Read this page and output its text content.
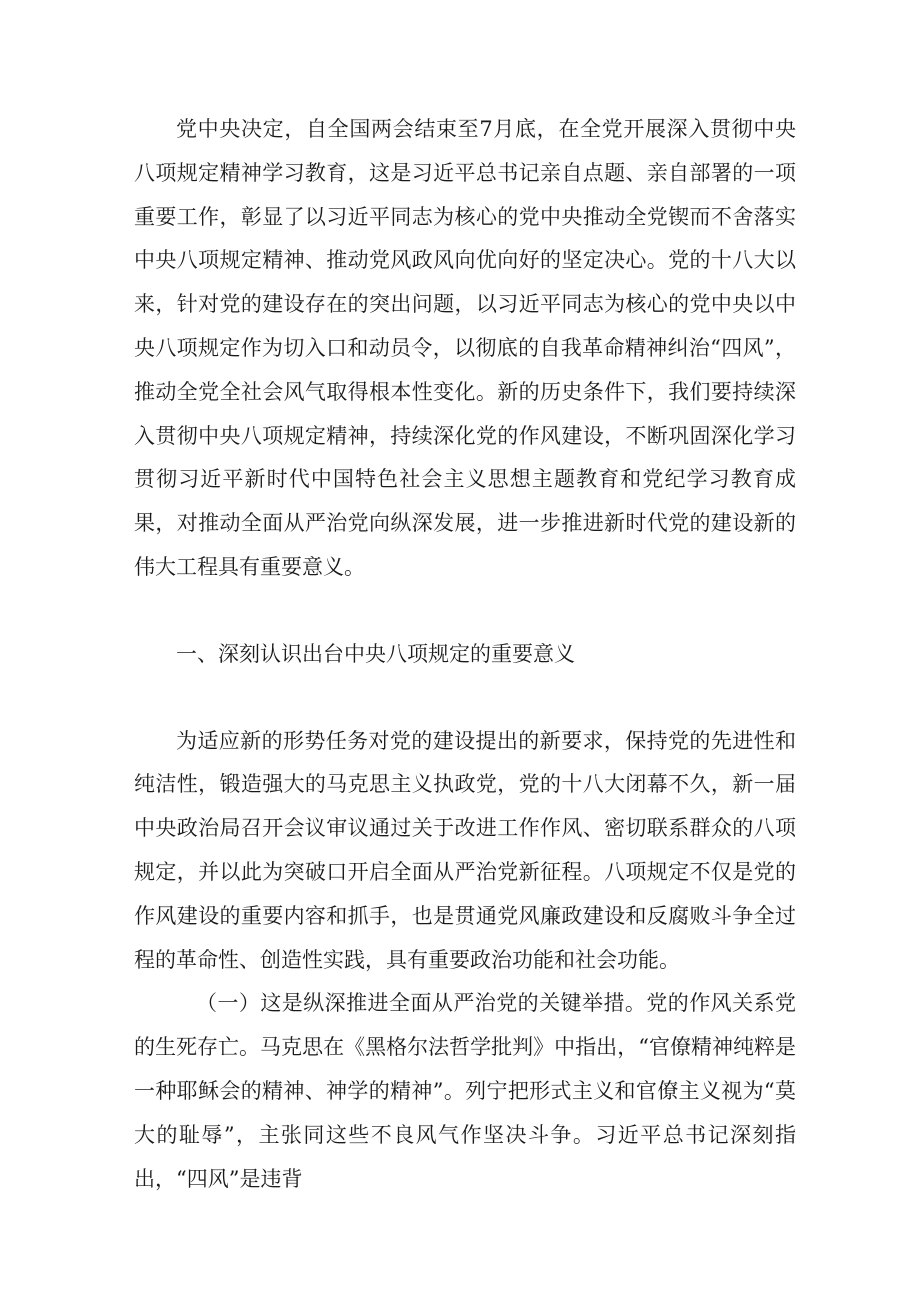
党中央决定，自全国两会结束至7月底，在全党开展深入贯彻中央八项规定精神学习教育，这是习近平总书记亲自点题、亲自部署的一项重要工作，彰显了以习近平同志为核心的党中央推动全党锲而不舍落实中央八项规定精神、推动党风政风向优向好的坚定决心。党的十八大以来，针对党的建设存在的突出问题，以习近平同志为核心的党中央以中央八项规定作为切入口和动员令，以彻底的自我革命精神纠治“四风”，推动全党全社会风气取得根本性变化。新的历史条件下，我们要持续深入贯彻中央八项规定精神，持续深化党的作风建设，不断巩固深化学习贯彻习近平新时代中国特色社会主义思想主题教育和党纪学习教育成果，对推动全面从严治党向纵深发展，进一步推进新时代党的建设新的伟大工程具有重要意义。

一、深刻认识出台中央八项规定的重要意义

为适应新的形势任务对党的建设提出的新要求，保持党的先进性和纯洁性，锻造强大的马克思主义执政党，党的十八大闭幕不久，新一届中央政治局召开会议审议通过关于改进工作作风、密切联系群众的八项规定，并以此为突破口开启全面从严治党新征程。八项规定不仅是党的作风建设的重要内容和抓手，也是贯通党风廉政建设和反腐败斗争全过程的革命性、创造性实践，具有重要政治功能和社会功能。

（一）这是纵深推进全面从严治党的关键举措。党的作风关系党的生死存亡。马克思在《黑格尔法哲学批判》中指出，“官僚精神纯粹是一种耶稣会的精神、神学的精神”。列宁把形式主义和官僚主义视为“莫大的耻辱”，主张同这些不良风气作坚决斗争。习近平总书记深刻指出，“四风”是违背
